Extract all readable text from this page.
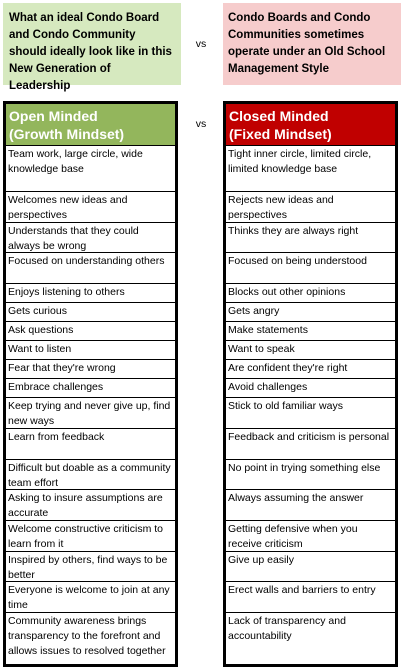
What an ideal Condo Board and Condo Community should ideally look like in this New Generation of Leadership
vs
Condo Boards and Condo Communities sometimes operate under an Old School Management Style
vs
Open Minded
(Growth Mindset)
Team work, large circle, wide knowledge base
Welcomes new ideas and perspectives
Understands that they could always be wrong
Focused on understanding others
Enjoys listening to others
Gets curious
Ask questions
Want to listen
Fear that they're wrong
Embrace challenges
Keep trying and never give up, find new ways
Learn from feedback
Difficult but doable as a community team effort
Asking to insure assumptions are accurate
Welcome constructive criticism to learn from it
Inspired by others, find ways to be better
Everyone is welcome to join at any time
Community awareness brings transparency to the forefront and allows issues to resolved together
Closed Minded
(Fixed Mindset)
Tight inner circle, limited circle, limited knowledge base
Rejects new ideas and perspectives
Thinks they are always right
Focused on being understood
Blocks out other opinions
Gets angry
Make statements
Want to speak
Are confident they're right
Avoid challenges
Stick to old familiar ways
Feedback and criticism is personal
No point in trying something else
Always assuming the answer
Getting defensive when you receive criticism
Give up easily
Erect walls and barriers to entry
Lack of transparency and accountability
